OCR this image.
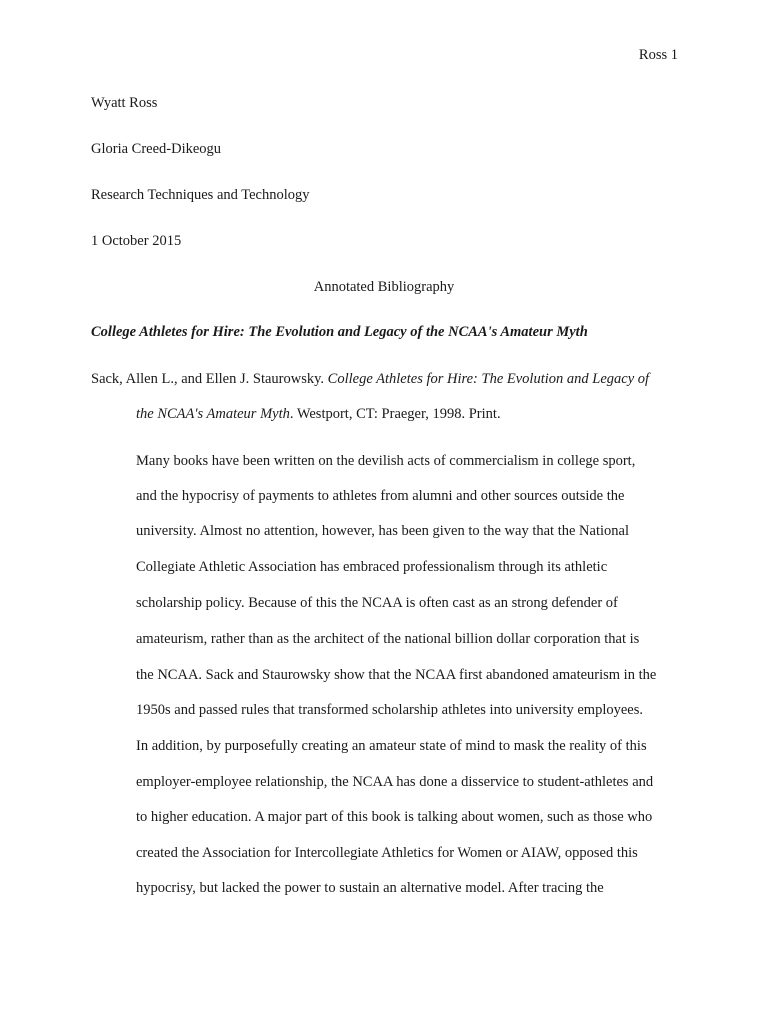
Ross 1
Wyatt Ross
Gloria Creed-Dikeogu
Research Techniques and Technology
1 October 2015
Annotated Bibliography
College Athletes for Hire: The Evolution and Legacy of the NCAA's Amateur Myth
Sack, Allen L., and Ellen J. Staurowsky. College Athletes for Hire: The Evolution and Legacy of
the NCAA's Amateur Myth. Westport, CT: Praeger, 1998. Print.
Many books have been written on the devilish acts of commercialism in college sport,
and the hypocrisy of payments to athletes from alumni and other sources outside the
university. Almost no attention, however, has been given to the way that the National
Collegiate Athletic Association has embraced professionalism through its athletic
scholarship policy. Because of this the NCAA is often cast as an strong defender of
amateurism, rather than as the architect of the national billion dollar corporation that is
the NCAA. Sack and Staurowsky show that the NCAA first abandoned amateurism in the
1950s and passed rules that transformed scholarship athletes into university employees.
In addition, by purposefully creating an amateur state of mind to mask the reality of this
employer-employee relationship, the NCAA has done a disservice to student-athletes and
to higher education. A major part of this book is talking about women, such as those who
created the Association for Intercollegiate Athletics for Women or AIAW, opposed this
hypocrisy, but lacked the power to sustain an alternative model. After tracing the
